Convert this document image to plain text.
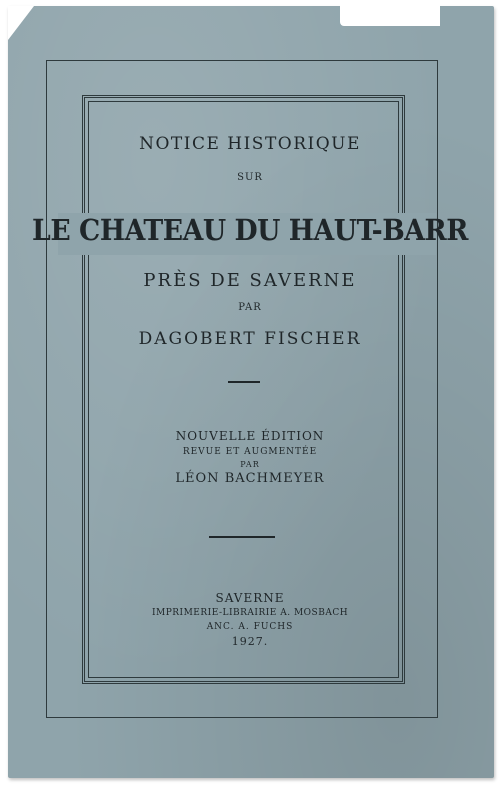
NOTICE HISTORIQUE
SUR
LE CHATEAU DU HAUT-BARR
PRÈS DE SAVERNE
PAR
DAGOBERT FISCHER
NOUVELLE ÉDITION
REVUE ET AUGMENTÉE
PAR
LÉON BACHMEYER
SAVERNE
IMPRIMERIE-LIBRAIRIE A. MOSBACH
ANC. A. FUCHS
1927.
